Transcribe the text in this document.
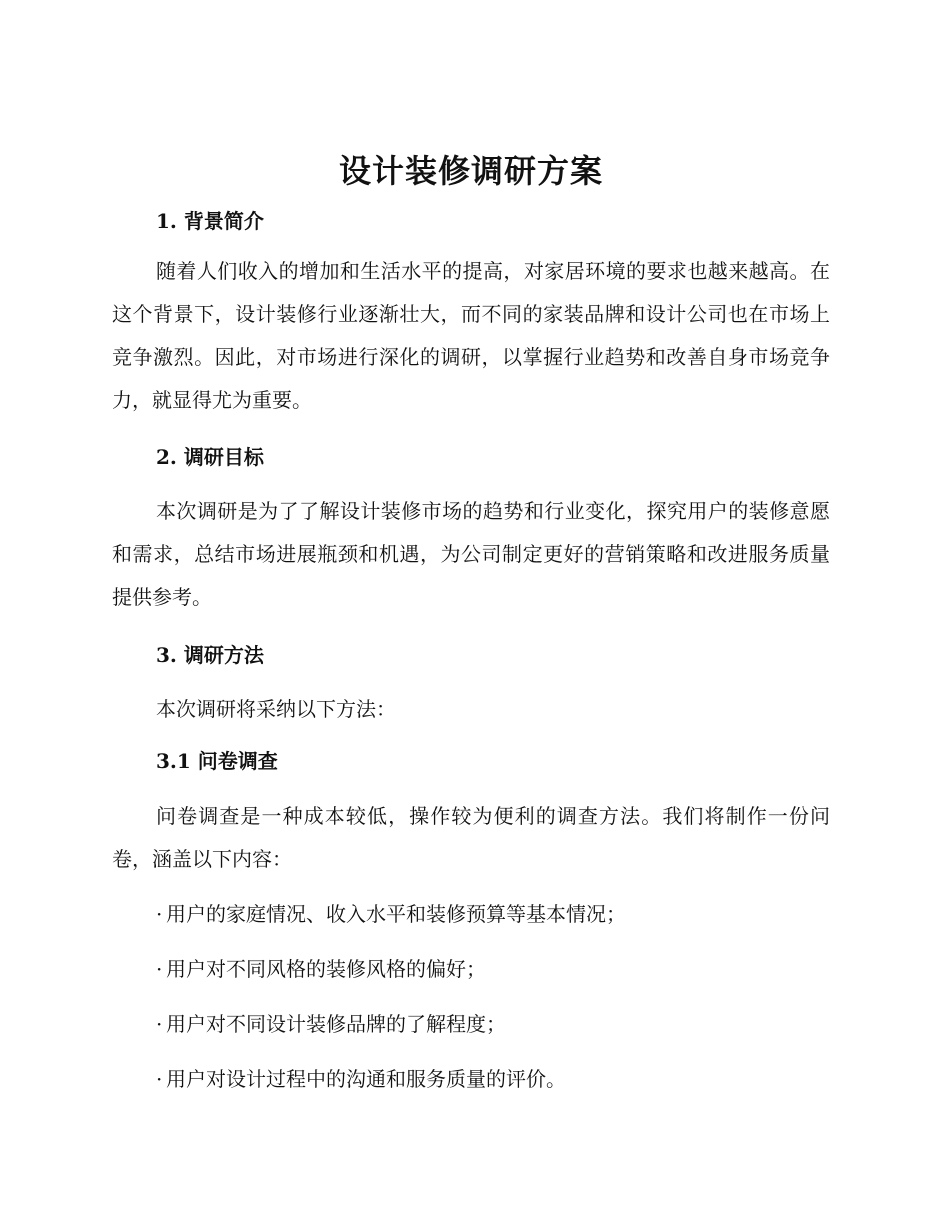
设计装修调研方案
1. 背景简介

随着人们收入的增加和生活水平的提高，对家居环境的要求也越来越高。在这个背景下，设计装修行业逐渐壮大，而不同的家装品牌和设计公司也在市场上竞争激烈。因此，对市场进行深化的调研，以掌握行业趋势和改善自身市场竞争力，就显得尤为重要。

2. 调研目标

本次调研是为了了解设计装修市场的趋势和行业变化，探究用户的装修意愿和需求，总结市场进展瓶颈和机遇，为公司制定更好的营销策略和改进服务质量提供参考。

3. 调研方法

本次调研将采纳以下方法：

3.1 问卷调查

问卷调查是一种成本较低，操作较为便利的调查方法。我们将制作一份问卷，涵盖以下内容：

· 用户的家庭情况、收入水平和装修预算等基本情况；

· 用户对不同风格的装修风格的偏好；

· 用户对不同设计装修品牌的了解程度；

· 用户对设计过程中的沟通和服务质量的评价。
